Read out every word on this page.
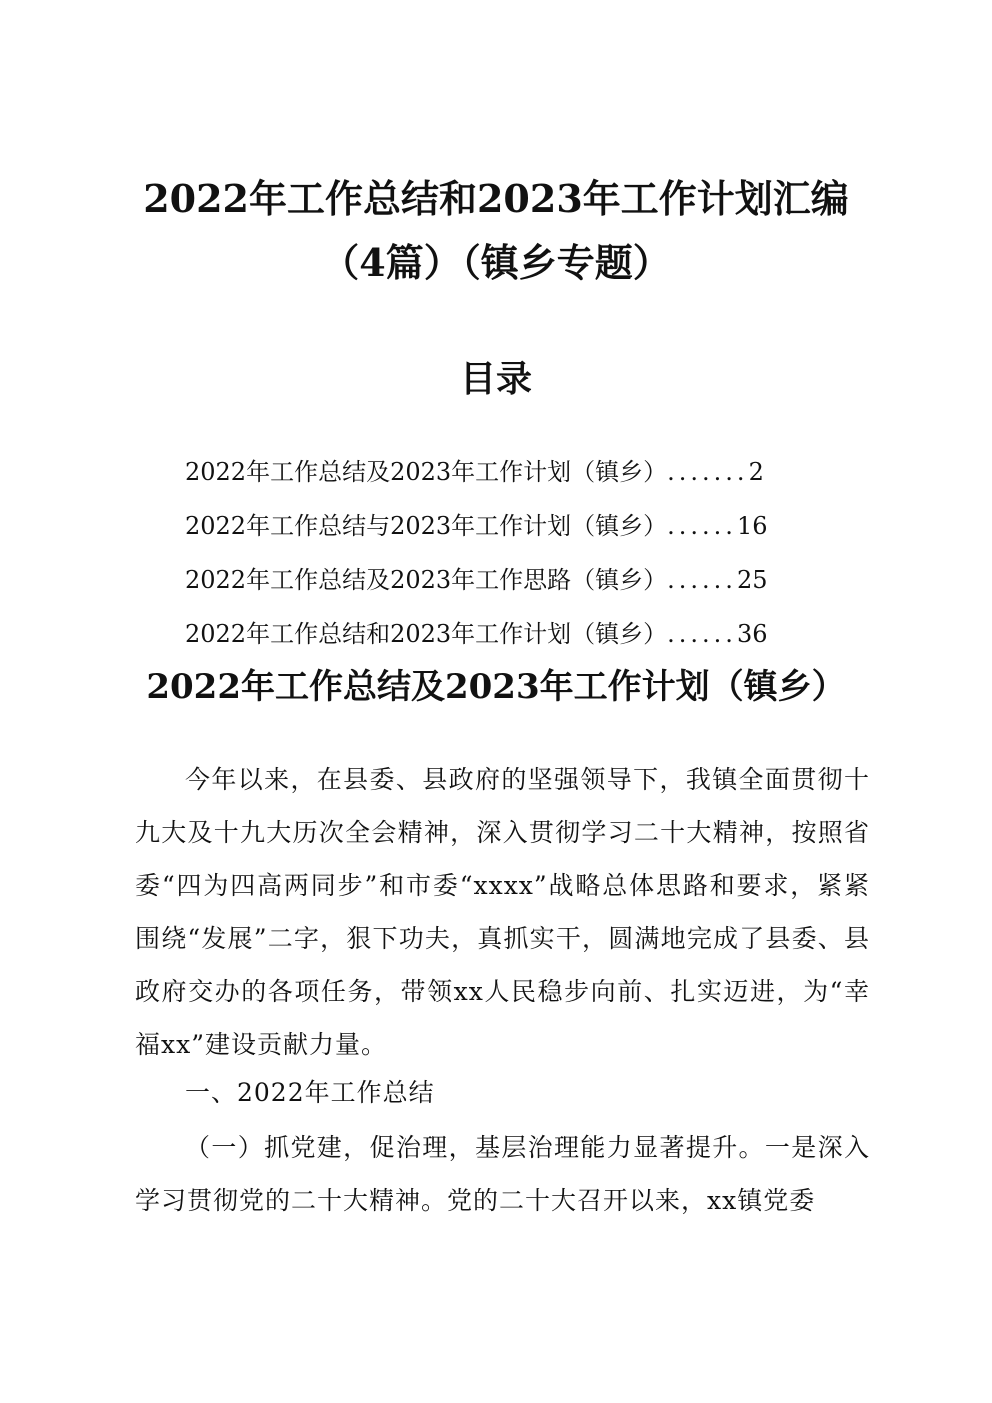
2022年工作总结和2023年工作计划汇编
（4篇）（镇乡专题）
目录
2022年工作总结及2023年工作计划（镇乡）.......2
2022年工作总结与2023年工作计划（镇乡）......16
2022年工作总结及2023年工作思路（镇乡）......25
2022年工作总结和2023年工作计划（镇乡）......36
2022年工作总结及2023年工作计划（镇乡）

今年以来，在县委、县政府的坚强领导下，我镇全面贯彻十九大及十九大历次全会精神，深入贯彻学习二十大精神，按照省委“四为四高两同步”和市委“xxxx”战略总体思路和要求，紧紧围绕“发展”二字，狠下功夫，真抓实干，圆满地完成了县委、县政府交办的各项任务，带领xx人民稳步向前、扎实迈进，为“幸福xx”建设贡献力量。

一、2022年工作总结

（一）抓党建，促治理，基层治理能力显著提升。一是深入学习贯彻党的二十大精神。党的二十大召开以来，xx镇党委
